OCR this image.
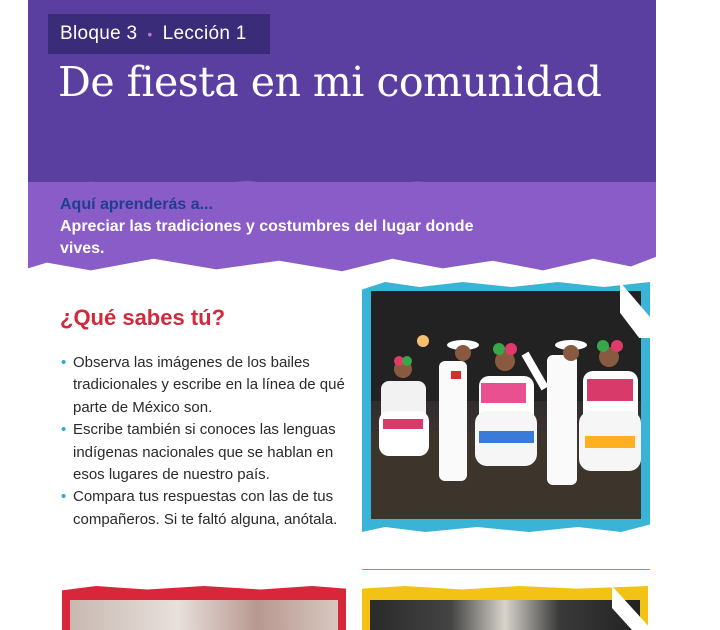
Bloque 3 • Lección 1
De fiesta en mi comunidad

Aquí aprenderás a...

Apreciar las tradiciones y costumbres del lugar donde vives.

¿Qué sabes tú?
• Observa las imágenes de los bailes tradicionales y escribe en la línea de qué parte de México son.
• Escribe también si conoces las lenguas indígenas nacionales que se hablan en esos lugares de nuestro país.
• Compara tus respuestas con las de tus compañeros. Si te faltó alguna, anótala.
